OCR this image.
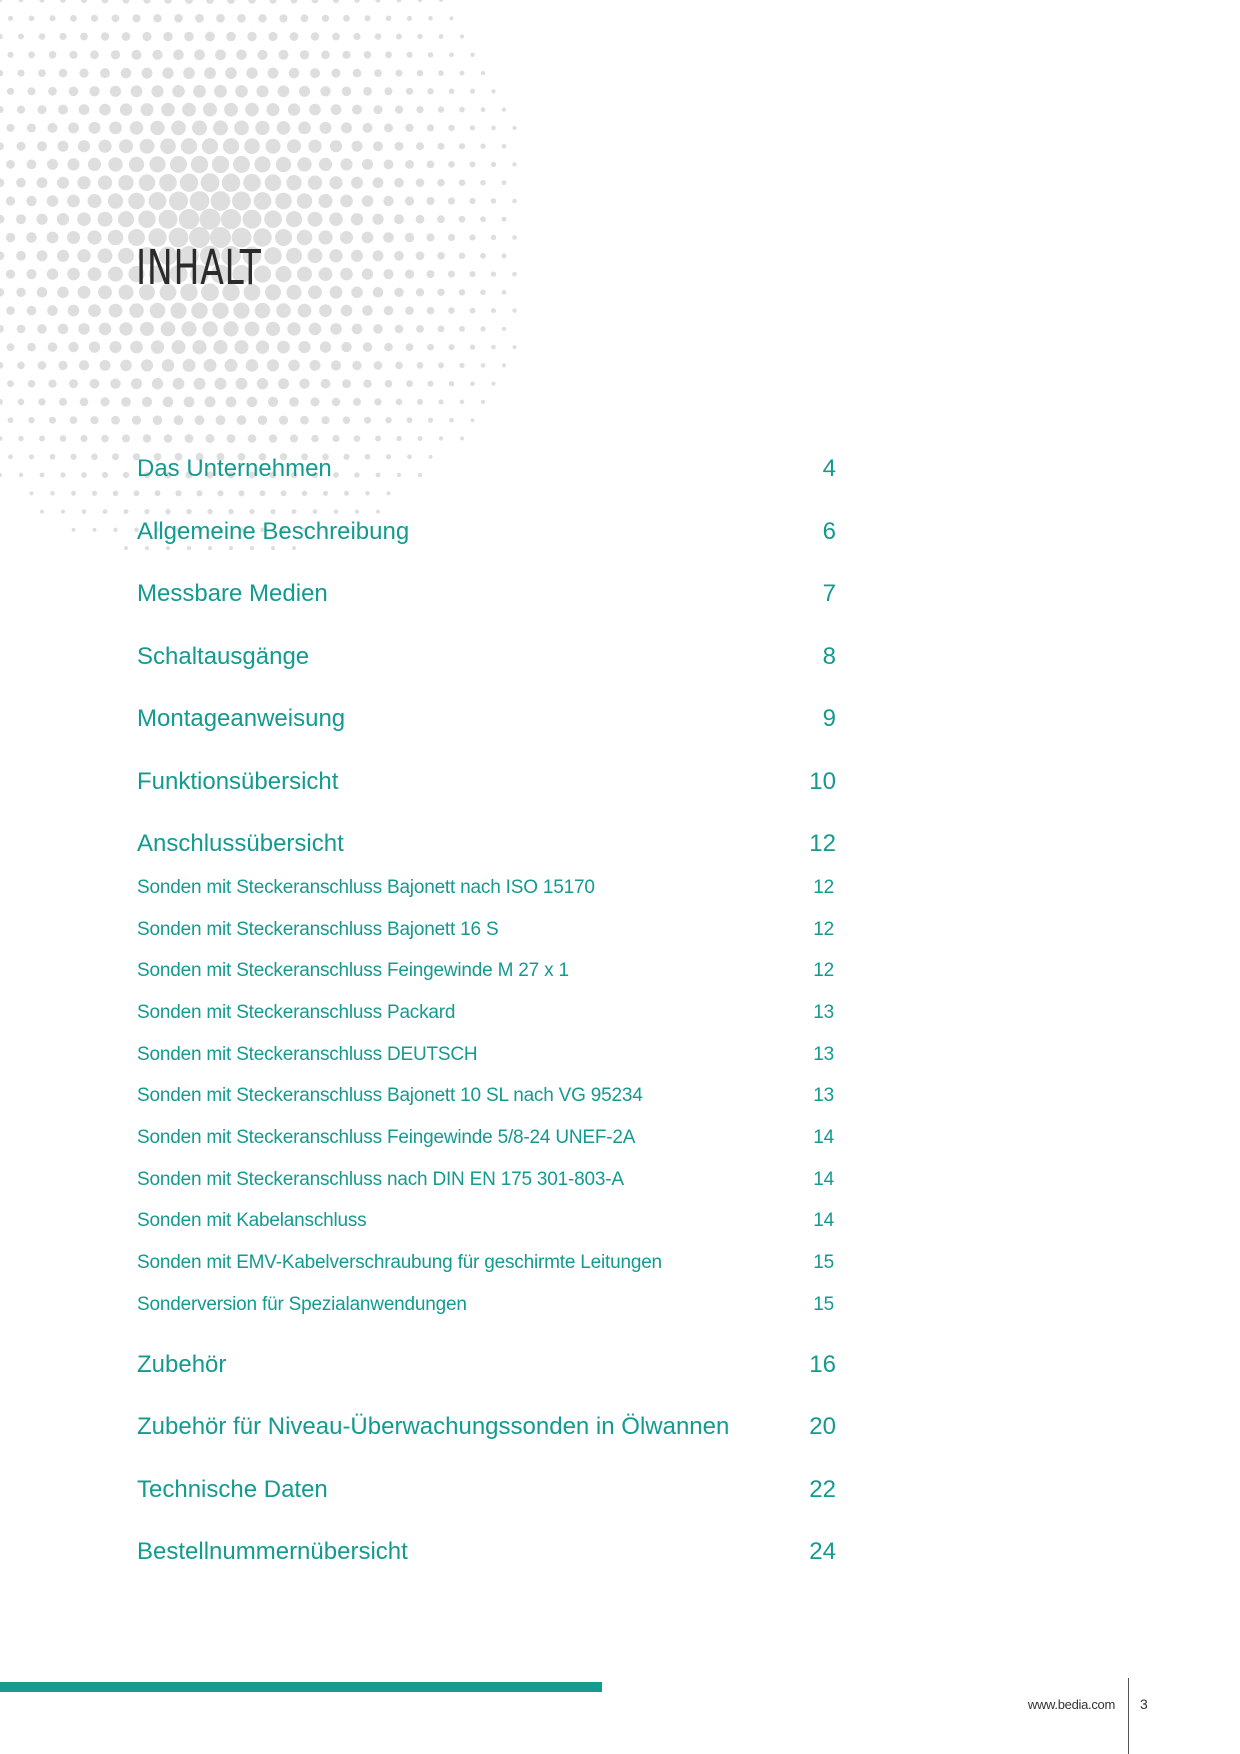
INHALT
Das Unternehmen	4
Allgemeine Beschreibung	6
Messbare Medien	7
Schaltausgänge	8
Montageanweisung	9
Funktionsübersicht	10
Anschlussübersicht	12
Sonden mit Steckeranschluss Bajonett nach ISO 15170	12
Sonden mit Steckeranschluss Bajonett 16 S	12
Sonden mit Steckeranschluss Feingewinde M 27 x 1	12
Sonden mit Steckeranschluss Packard	13
Sonden mit Steckeranschluss DEUTSCH	13
Sonden mit Steckeranschluss Bajonett 10 SL nach VG 95234	13
Sonden mit Steckeranschluss Feingewinde 5/8-24 UNEF-2A	14
Sonden mit Steckeranschluss nach DIN EN 175 301-803-A	14
Sonden mit Kabelanschluss	14
Sonden mit EMV-Kabelverschraubung für geschirmte Leitungen	15
Sonderversion für Spezialanwendungen	15
Zubehör	16
Zubehör für Niveau-Überwachungssonden in Ölwannen	20
Technische Daten	22
Bestellnummernübersicht	24
www.bedia.com 3
